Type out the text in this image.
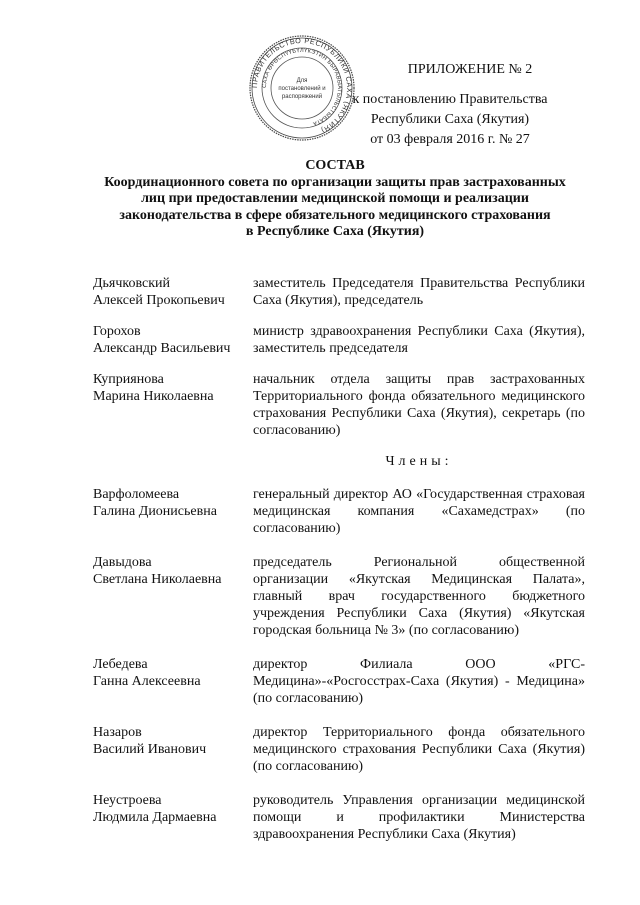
ПРАВИТЕЛЬСТВО РЕСПУБЛИКИ САХА (ЯКУТИЯ)
САХА ӨРӨСПҮҮБҮЛҮКЭТИН БЫРАВЫАТЫЛЬСТЫБАТА
Для
постановлений и
распоряжений
ПРИЛОЖЕНИЕ № 2
к постановлению Правительства
Республики Саха (Якутия)
от 03 февраля 2016 г. № 27
СОСТАВ
Координационного совета по организации защиты прав застрахованных
лиц при предоставлении медицинской помощи и реализации
законодательства в сфере обязательного медицинского страхования
в Республике Саха (Якутия)
Дьячковский
Алексей Прокопьевич
заместитель Председателя Правительства Республики Саха (Якутия), председатель
Горохов
Александр Васильевич
министр здравоохранения Республики Саха (Якутия), заместитель председателя
Куприянова
Марина Николаевна
начальник отдела защиты прав застрахованных Территориального фонда обязательного медицинского страхования Республики Саха (Якутия), секретарь (по согласованию)
Члены:
Варфоломеева
Галина Дионисьевна
генеральный директор АО «Государственная страховая медицинская компания «Сахамедстрах» (по согласованию)
Давыдова
Светлана Николаевна
председатель Региональной общественной организации «Якутская Медицинская Палата», главный врач государственного бюджетного учреждения Республики Саха (Якутия) «Якутская городская больница № 3» (по согласованию)
Лебедева
Ганна Алексеевна
директор Филиала ООО «РГС-Медицина»-«Росгосстрах-Саха (Якутия) - Медицина» (по согласованию)
Назаров
Василий Иванович
директор Территориального фонда обязательного медицинского страхования Республики Саха (Якутия) (по согласованию)
Неустроева
Людмила Дармаевна
руководитель Управления организации медицинской помощи и профилактики Министерства здравоохранения Республики Саха (Якутия)
